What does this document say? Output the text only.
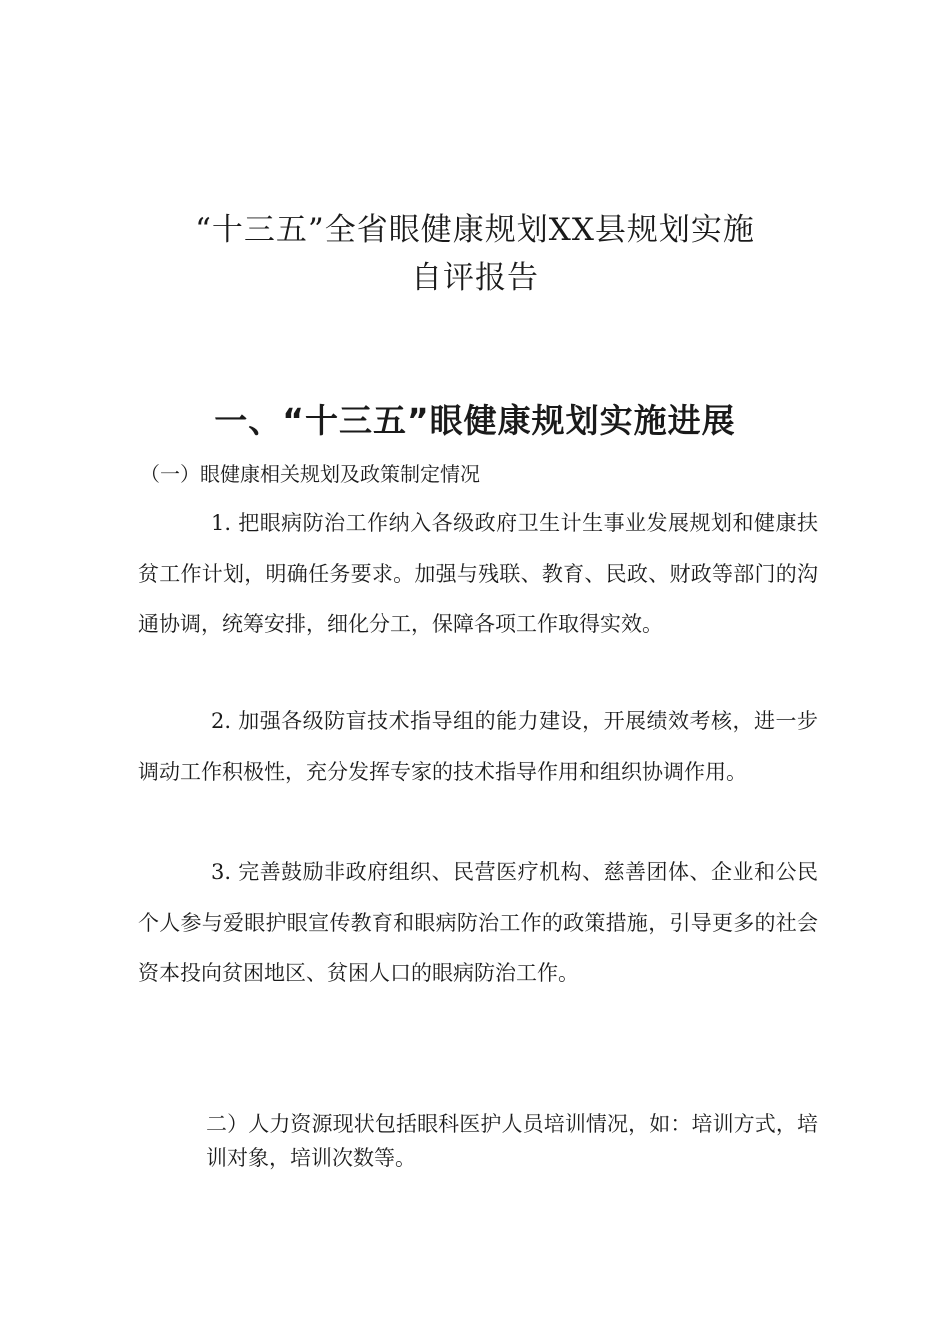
“十三五”全省眼健康规划XX县规划实施
自评报告
一、“十三五”眼健康规划实施进展
（一）眼健康相关规划及政策制定情况
1. 把眼病防治工作纳入各级政府卫生计生事业发展规划和健康扶贫工作计划，明确任务要求。加强与残联、教育、民政、财政等部门的沟通协调，统筹安排，细化分工，保障各项工作取得实效。
2. 加强各级防盲技术指导组的能力建设，开展绩效考核，进一步调动工作积极性，充分发挥专家的技术指导作用和组织协调作用。
3. 完善鼓励非政府组织、民营医疗机构、慈善团体、企业和公民个人参与爱眼护眼宣传教育和眼病防治工作的政策措施，引导更多的社会资本投向贫困地区、贫困人口的眼病防治工作。
二）人力资源现状包括眼科医护人员培训情况，如：培训方式，培训对象，培训次数等。
